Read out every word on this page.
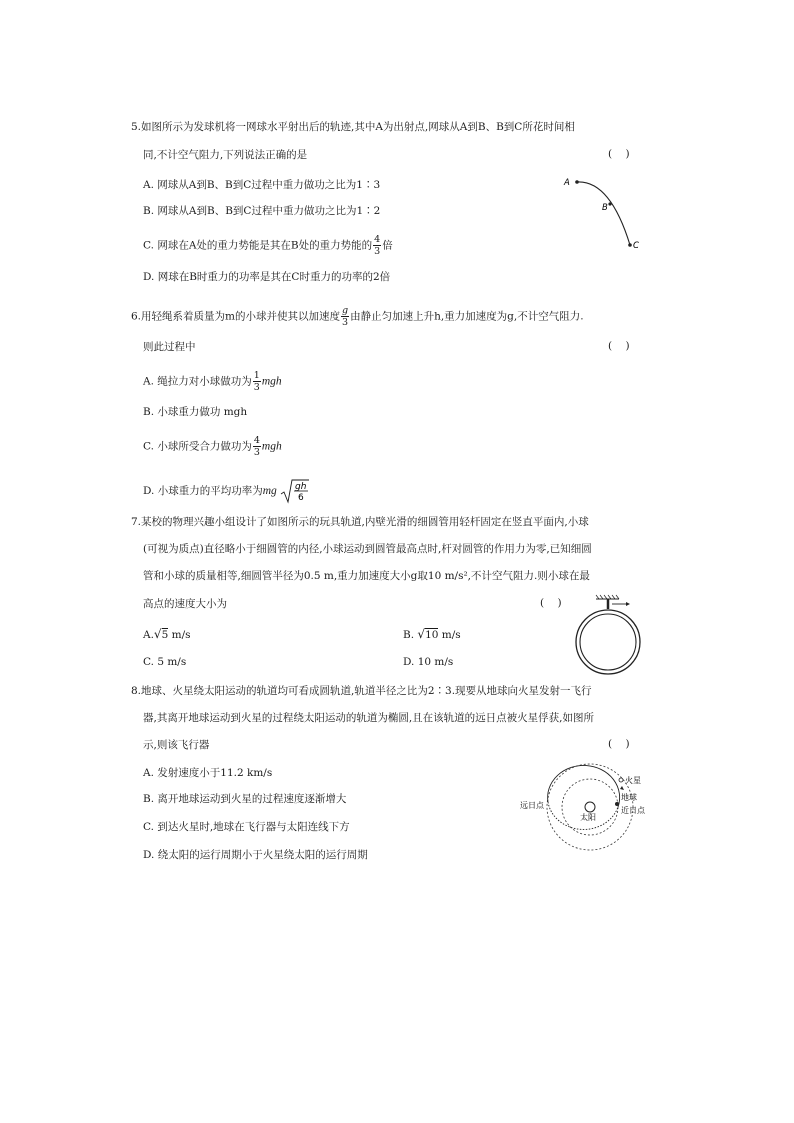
5.如图所示为发球机将一网球水平射出后的轨迹,其中A为出射点,网球从A到B、B到C所花时间相
同,不计空气阻力,下列说法正确的是	(    )
A. 网球从A到B、B到C过程中重力做功之比为1∶3
B. 网球从A到B、B到C过程中重力做功之比为1∶2
C. 网球在A处的重力势能是其在B处的重力势能的 $\frac{4}{3}$ 倍
D. 网球在B时重力的功率是其在C时重力的功率的2倍
A
B
C
6.用轻绳系着质量为m的小球并使其以加速度 $\frac{g}{3}$ 由静止匀加速上升h,重力加速度为g,不计空气阻力.
则此过程中	(    )
A. 绳拉力对小球做功为 $\frac{1}{3}$ mgh
B. 小球重力做功 mgh
C. 小球所受合力做功为 $\frac{4}{3}$ mgh
D. 小球重力的平均功率为mg gh
6
7.某校的物理兴趣小组设计了如图所示的玩具轨道,内壁光滑的细圆管用轻杆固定在竖直平面内,小球
(可视为质点)直径略小于细圆管的内径,小球运动到圆管最高点时,杆对圆管的作用力为零,已知细圆
管和小球的质量相等,细圆管半径为0.5 m,重力加速度大小g取10 m/s²,不计空气阻力.则小球在最
高点的速度大小为	(    )
A.√5 m/s	B. √10 m/s
C. 5 m/s	D. 10 m/s
8.地球、火星绕太阳运动的轨道均可看成圆轨道,轨道半径之比为2∶3.现要从地球向火星发射一飞行
器,其离开地球运动到火星的过程绕太阳运动的轨道为椭圆,且在该轨道的远日点被火星俘获,如图所
示,则该飞行器	(    )
A. 发射速度小于11.2 km/s
B. 离开地球运动到火星的过程速度逐渐增大
C. 到达火星时,地球在飞行器与太阳连线下方
D. 绕太阳的运行周期小于火星绕太阳的运行周期
火星
地球
近日点
远日点
太阳
